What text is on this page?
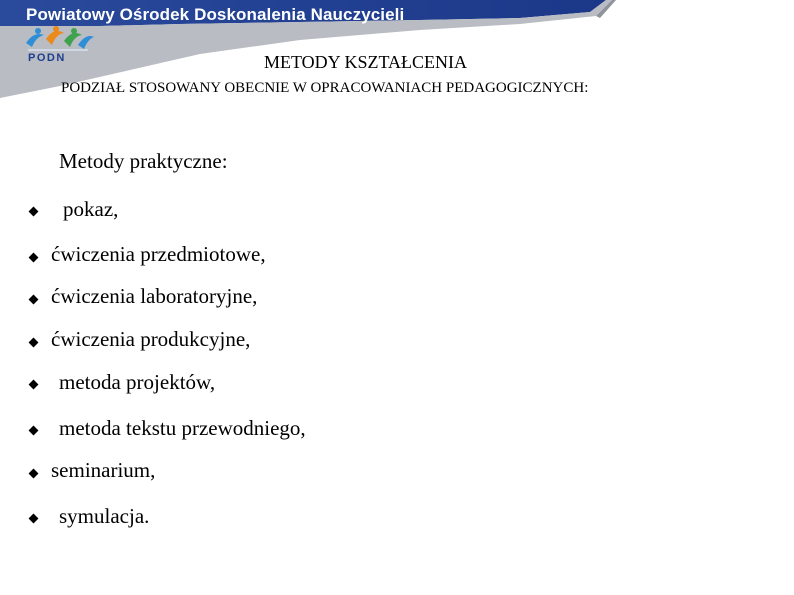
Powiatowy Ośrodek Doskonalenia Nauczycieli
PODN	METODY KSZTAŁCENIA
PODZIAŁ STOSOWANY OBECNIE W OPRACOWANIACH PEDAGOGICZNYCH:
Metody praktyczne:
pokaz,
ćwiczenia przedmiotowe,
ćwiczenia laboratoryjne,
ćwiczenia produkcyjne,
metoda projektów,
metoda tekstu przewodniego,
seminarium,
symulacja.
